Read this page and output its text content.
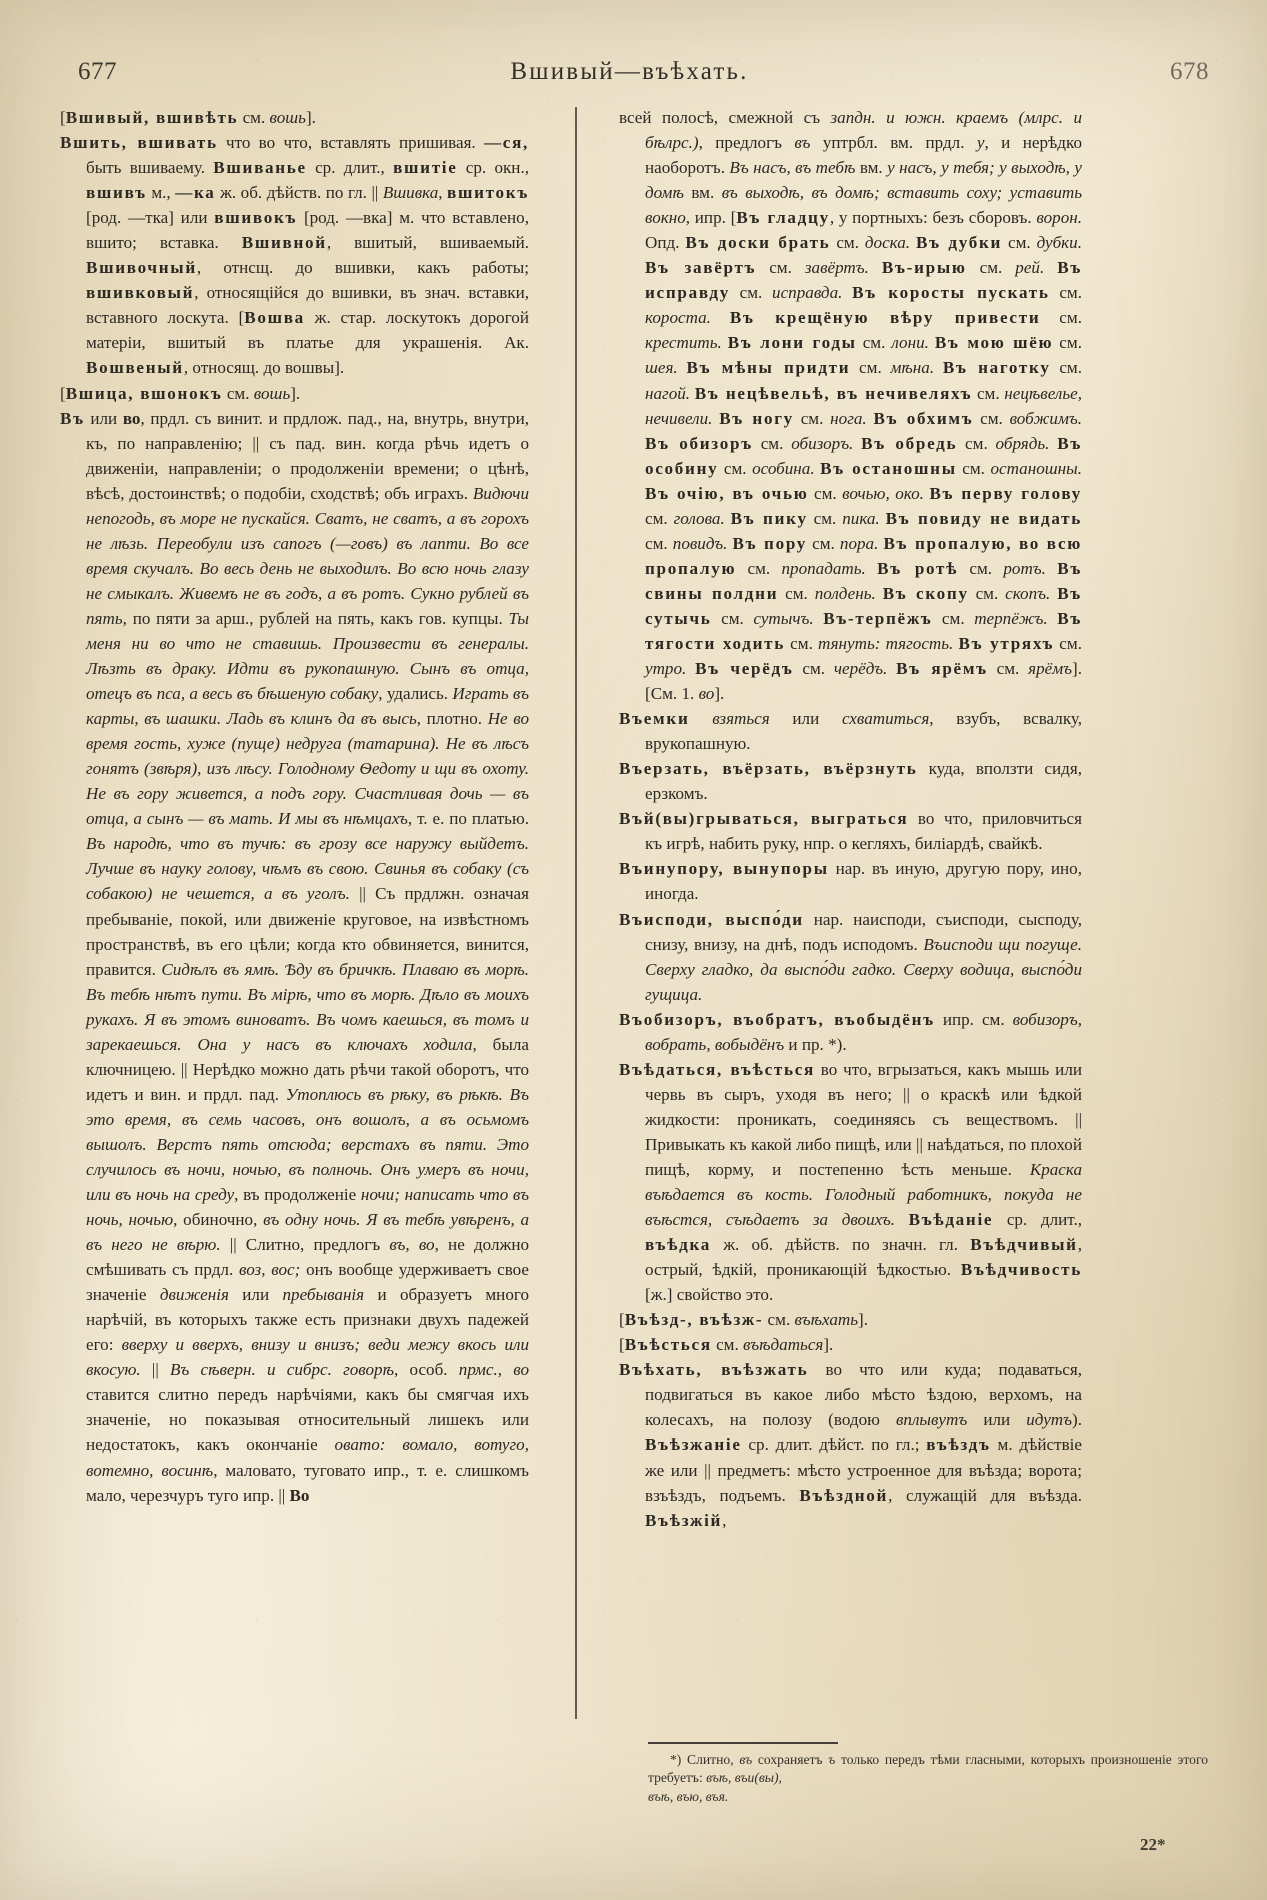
677	Вшивый—въѣхать.	678

[Вшивый, вшивѣть см. вошь].

Вшить, вшивать что во что, вставлять пришивая. —ся, быть вшиваему. Вшиванье ср. длит., вшитіе ср. окн., вшивъ м., —ка ж. об. дѣйств. по гл. || Вшивка, вшитокъ [род. —тка] или вшивокъ [род. —вка] м. что вставлено, вшито; вставка. Вшивной, вшитый, вшиваемый. Вшивочный, отнсщ. до вшивки, какъ работы; вшивковый, относящійся до вшивки, въ знач. вставки, вставного лоскута. [Вошва ж. стар. лоскутокъ дорогой матеріи, вшитый въ платье для украшенія. Ак. Вошвеный, относящ. до вошвы].

[Вшица, вшонокъ см. вошь].

Въ или во, прдл. съ винит. и прдлож. пад., на, внутрь, внутри, къ, по направленію; || съ пад. вин. когда рѣчь идетъ о движеніи, направленіи; о продолженіи времени; о цѣнѣ, вѣсѣ, достоинствѣ; о подобіи, сходствѣ; объ играхъ. Видючи непогодь, въ море не пускайся. Сватъ, не сватъ, а въ горохъ не лѣзь. Переобули изъ сапогъ (—говъ) въ лапти. Во все время скучалъ. Во весь день не выходилъ. Во всю ночь глазу не смыкалъ. Живемъ не въ годъ, а въ ротъ. Сукно рублей въ пять, по пяти за арш., рублей на пять, какъ гов. купцы. Ты меня ни во что не ставишь. Произвести въ генералы. Лѣзть въ драку. Идти въ рукопашную. Сынъ въ отца, отецъ въ пса, а весь въ бѣшеную собаку, удались. Играть въ карты, въ шашки. Ладь въ клинъ да въ высь, плотно. Не во время гость, хуже (пуще) недруга (татарина). Не въ лѣсъ гонятъ (звѣря), изъ лѣсу. Голодному Ѳедоту и щи въ охоту. Не въ гору живется, а подъ гору. Счастливая дочь — въ отца, а сынъ — въ мать. И мы въ нѣмцахъ, т. е. по платью. Въ народѣ, что въ тучѣ: въ грозу все наружу выйдетъ. Лучше въ науку голову, чѣмъ въ свою. Свинья въ собаку (съ собакою) не чешется, а въ уголъ. || Съ прдлжн. означая пребываніе, покой, или движеніе круговое, на извѣстномъ пространствѣ, въ его цѣли; когда кто обвиняется, винится, правится. Сидѣлъ въ ямѣ. Ѣду въ бричкѣ. Плаваю въ морѣ. Въ тебѣ нѣтъ пути. Въ мірѣ, что въ морѣ. Дѣло въ моихъ рукахъ. Я въ этомъ виноватъ. Въ чомъ каешься, въ томъ и зарекаешься. Она у насъ въ ключахъ ходила, была ключницею. || Нерѣдко можно дать рѣчи такой оборотъ, что идетъ и вин. и прдл. пад. Утоплюсь въ рѣку, въ рѣкѣ. Въ это время, въ семь часовъ, онъ вошолъ, а въ осьмомъ вышолъ. Верстъ пять отсюда; верстахъ въ пяти. Это случилось въ ночи, ночью, въ полночь. Онъ умеръ въ ночи, или въ ночь на среду, въ продолженіе ночи; написать что въ ночь, ночью, обиночно, въ одну ночь. Я въ тебѣ увѣренъ, а въ него не вѣрю. || Слитно, предлогъ въ, во, не должно смѣшивать съ прдл. воз, вос; онъ вообще удерживаетъ свое значеніе движенія или пребыванія и образуетъ много нарѣчій, въ которыхъ также есть признаки двухъ падежей его: вверху и вверхъ, внизу и внизъ; веди межу вкось или вкосую. || Въ сѣверн. и сибрс. говорѣ, особ. прмс., во ставится слитно передъ нарѣчіями, какъ бы смягчая ихъ значеніе, но показывая относительный лишекъ или недостатокъ, какъ окончаніе овато: вомало, вотуго, вотемно, восинѣ, маловато, туговато ипр., т. е. слишкомъ мало, черезчуръ туго ипр. || Во

всей полосѣ, смежной съ запдн. и южн. краемъ (млрс. и бѣлрс.), предлогъ въ уптрбл. вм. прдл. у, и нерѣдко наоборотъ. Въ насъ, въ тебѣ вм. у насъ, у тебя; у выходѣ, у домѣ вм. въ выходѣ, въ домѣ; вставить соху; уставить вокно, ипр. [Въ гладцу, у портныхъ: безъ сборовъ. ворон. Опд. Въ доски брать см. доска. Въ дубки см. дубки. Въ завёртъ см. завёртъ. Въ-ирыю см. рей. Въ исправду см. исправда. Въ коросты пускать см. короста. Въ крещёную вѣру привести см. крестить. Въ лони годы см. лони. Въ мою шёю см. шея. Въ мѣны придти см. мѣна. Въ наготку см. нагой. Въ нецѣвельѣ, въ нечивеляхъ см. нецѣвелье, нечивели. Въ ногу см. нога. Въ обхимъ см. вобжимъ. Въ обизоръ см. обизоръ. Въ обредь см. обрядь. Въ особину см. особина. Въ останошны см. останошны. Въ очію, въ очью см. вочью, око. Въ перву голову см. голова. Въ пику см. пика. Въ повиду не видать см. повидъ. Въ пору см. пора. Въ пропалую, во всю пропалую см. пропадать. Въ ротѣ см. ротъ. Въ свины полдни см. полдень. Въ скопу см. скопъ. Въ сутычь см. сутычъ. Въ-терпёжъ см. терпёжъ. Въ тягости ходить см. тянуть: тягость. Въ утряхъ см. утро. Въ черёдъ см. черёдъ. Въ ярёмъ см. ярёмъ]. [См. 1. во].

Въемки взяться или схватиться, взубъ, всвалку, врукопашную.

Въерзать, въёрзать, въёрзнуть куда, вползти сидя, ерзкомъ.

Въй(вы)грываться, выграться во что, приловчиться къ игрѣ, набить руку, нпр. о кегляхъ, биліардѣ, свайкѣ.

Въинупору, вынупоры нар. въ иную, другую пору, ино, иногда.

Въисподи, выспо́ди нар. наисподи, съисподи, сысподу, снизу, внизу, на днѣ, подъ исподомъ. Въисподи щи погуще. Сверху гладко, да выспо́ди гадко. Сверху водица, выспо́ди гущица.

Въобизоръ, въобратъ, въобыдёнъ ипр. см. вобизоръ, вобрать, вобыдёнъ и пр. *).

Въѣдаться, въѣсться во что, вгрызаться, какъ мышь или червь въ сыръ, уходя въ него; || о краскѣ или ѣдкой жидкости: проникать, соединяясь съ веществомъ. || Привыкать къ какой либо пищѣ, или || наѣдаться, по плохой пищѣ, корму, и постепенно ѣсть меньше. Краска въѣдается въ кость. Голодный работникъ, покуда не въѣстся, съѣдаетъ за двоихъ. Въѣданіе ср. длит., въѣдка ж. об. дѣйств. по значн. гл. Въѣдчивый, острый, ѣдкій, проникающій ѣдкостью. Въѣдчивость [ж.] свойство это.

[Въѣзд-, въѣзж- см. въѣхать].

[Въѣсться см. въѣдаться].

Въѣхать, въѣзжать во что или куда; подаваться, подвигаться въ какое либо мѣсто ѣздою, верхомъ, на колесахъ, на полозу (водою вплывутъ или идутъ). Въѣзжаніе ср. длит. дѣйст. по гл.; въѣздъ м. дѣйствіе же или || предметъ: мѣсто устроенное для въѣзда; ворота; взъѣздъ, подъемъ. Въѣздной, служащій для въѣзда. Въѣзжій,

*) Слитно, въ сохраняетъ ъ только передъ тѣми гласными, которыхъ произношеніе этого требуетъ: въѣ, въи(вы),

въѣ, въю, въя.

22*
